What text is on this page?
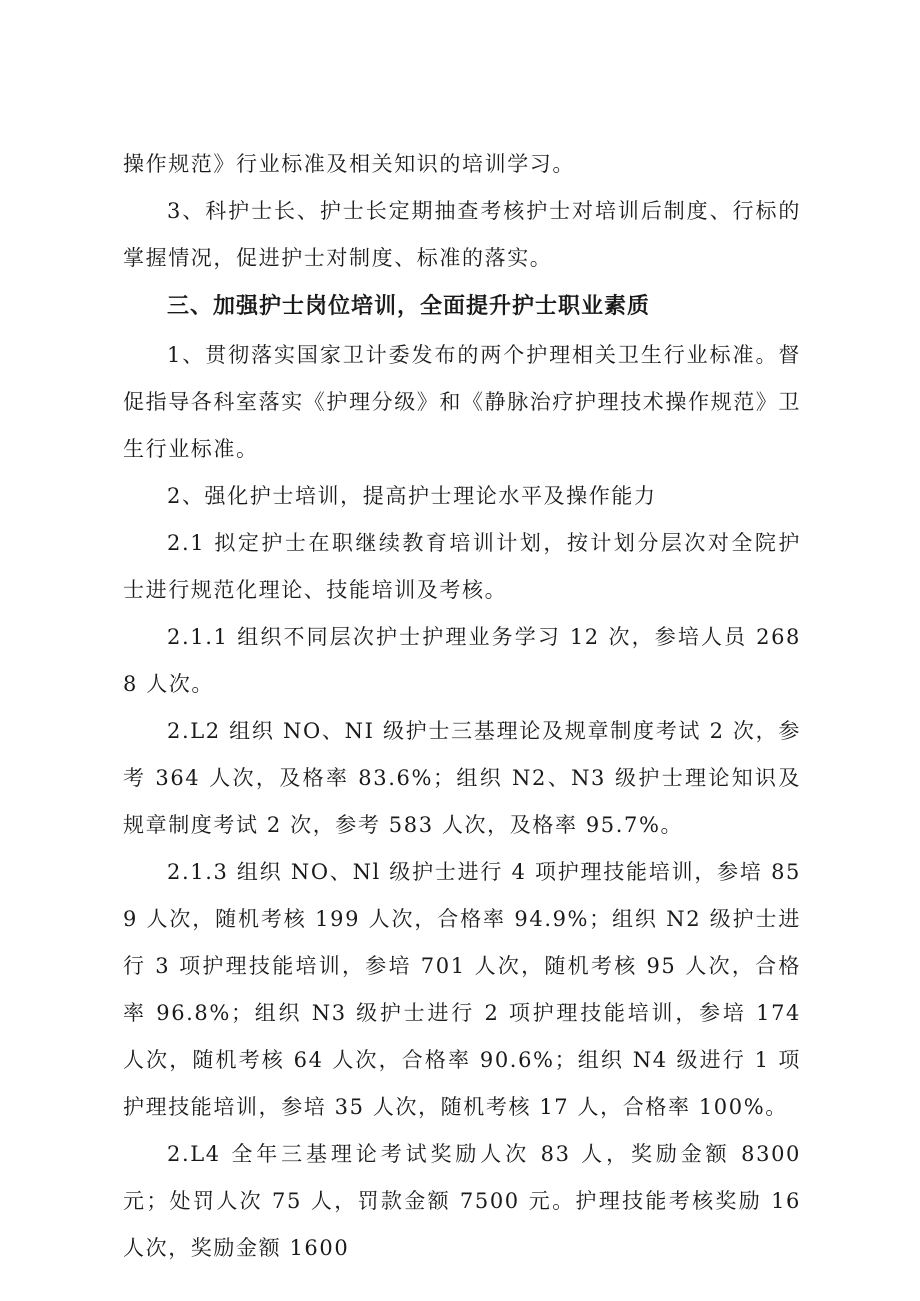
操作规范》行业标准及相关知识的培训学习。

3、科护士长、护士长定期抽查考核护士对培训后制度、行标的掌握情况，促进护士对制度、标准的落实。

三、加强护士岗位培训，全面提升护士职业素质

1、贯彻落实国家卫计委发布的两个护理相关卫生行业标准。督促指导各科室落实《护理分级》和《静脉治疗护理技术操作规范》卫生行业标准。

2、强化护士培训，提高护士理论水平及操作能力

2.1 拟定护士在职继续教育培训计划，按计划分层次对全院护士进行规范化理论、技能培训及考核。

2.1.1 组织不同层次护士护理业务学习 12 次，参培人员 2688 人次。

2.L2 组织 NO、NI 级护士三基理论及规章制度考试 2 次，参考 364 人次，及格率 83.6%；组织 N2、N3 级护士理论知识及规章制度考试 2 次，参考 583 人次，及格率 95.7%。

2.1.3 组织 NO、Nl 级护士进行 4 项护理技能培训，参培 859 人次，随机考核 199 人次，合格率 94.9%；组织 N2 级护士进行 3 项护理技能培训，参培 701 人次，随机考核 95 人次，合格率 96.8%；组织 N3 级护士进行 2 项护理技能培训，参培 174 人次，随机考核 64 人次，合格率 90.6%；组织 N4 级进行 1 项护理技能培训，参培 35 人次，随机考核 17 人，合格率 100%。

2.L4 全年三基理论考试奖励人次 83 人，奖励金额 8300 元；处罚人次 75 人，罚款金额 7500 元。护理技能考核奖励 16 人次，奖励金额 1600
